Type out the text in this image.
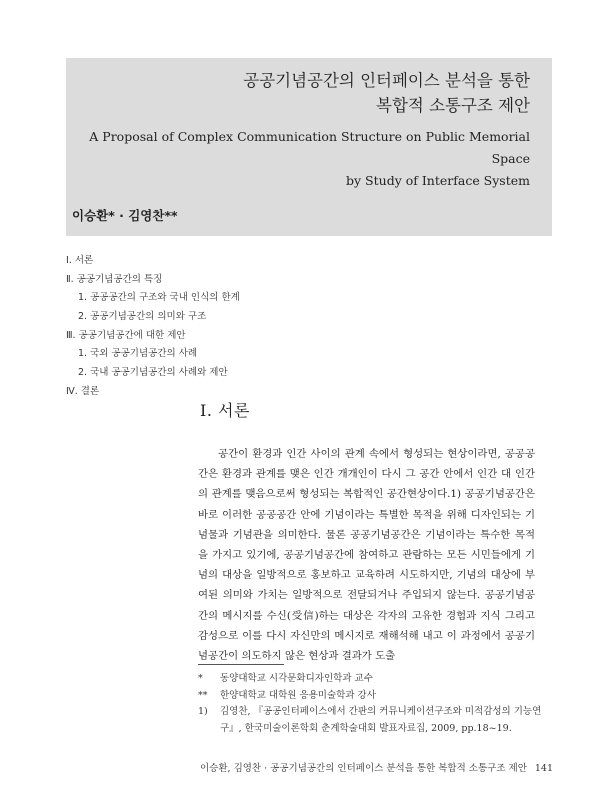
공공기념공간의 인터페이스 분석을 통한
복합적 소통구조 제안
A Proposal of Complex Communication Structure on Public Memorial Space
by Study of Interface System
이승환* · 김영찬**
Ⅰ. 서론
Ⅱ. 공공기념공간의 특징
1. 공공공간의 구조와 국내 인식의 한계
2. 공공기념공간의 의미와 구조
Ⅲ. 공공기념공간에 대한 제안
1. 국외 공공기념공간의 사례
2. 국내 공공기념공간의 사례와 제안
Ⅳ. 결론
Ⅰ. 서론

공간이 환경과 인간 사이의 관계 속에서 형성되는 현상이라면, 공공공간은 환경과 관계를 맺은 인간 개개인이 다시 그 공간 안에서 인간 대 인간의 관계를 맺음으로써 형성되는 복합적인 공간현상이다.1) 공공기념공간은 바로 이러한 공공공간 안에 기념이라는 특별한 목적을 위해 디자인되는 기념물과 기념관을 의미한다. 물론 공공기념공간은 기념이라는 특수한 목적을 가지고 있기에, 공공기념공간에 참여하고 관람하는 모든 시민들에게 기념의 대상을 일방적으로 홍보하고 교육하려 시도하지만, 기념의 대상에 부여된 의미와 가치는 일방적으로 전달되거나 주입되지 않는다. 공공기념공간의 메시지를 수신(受信)하는 대상은 각자의 고유한 경험과 지식 그리고 감성으로 이를 다시 자신만의 메시지로 재해석해 내고 이 과정에서 공공기념공간이 의도하지 않은 현상과 결과가 도출

* 동양대학교 시각문화디자인학과 교수
** 한양대학교 대학원 응용미술학과 강사
1) 김영찬, 『공공인터페이스에서 간판의 커뮤니케이션구조와 미적감성의 기능연구』, 한국미술이론학회 춘계학술대회 발표자료집, 2009, pp.18~19.
이승환, 김영찬 · 공공기념공간의 인터페이스 분석을 통한 복합적 소통구조 제안 141
